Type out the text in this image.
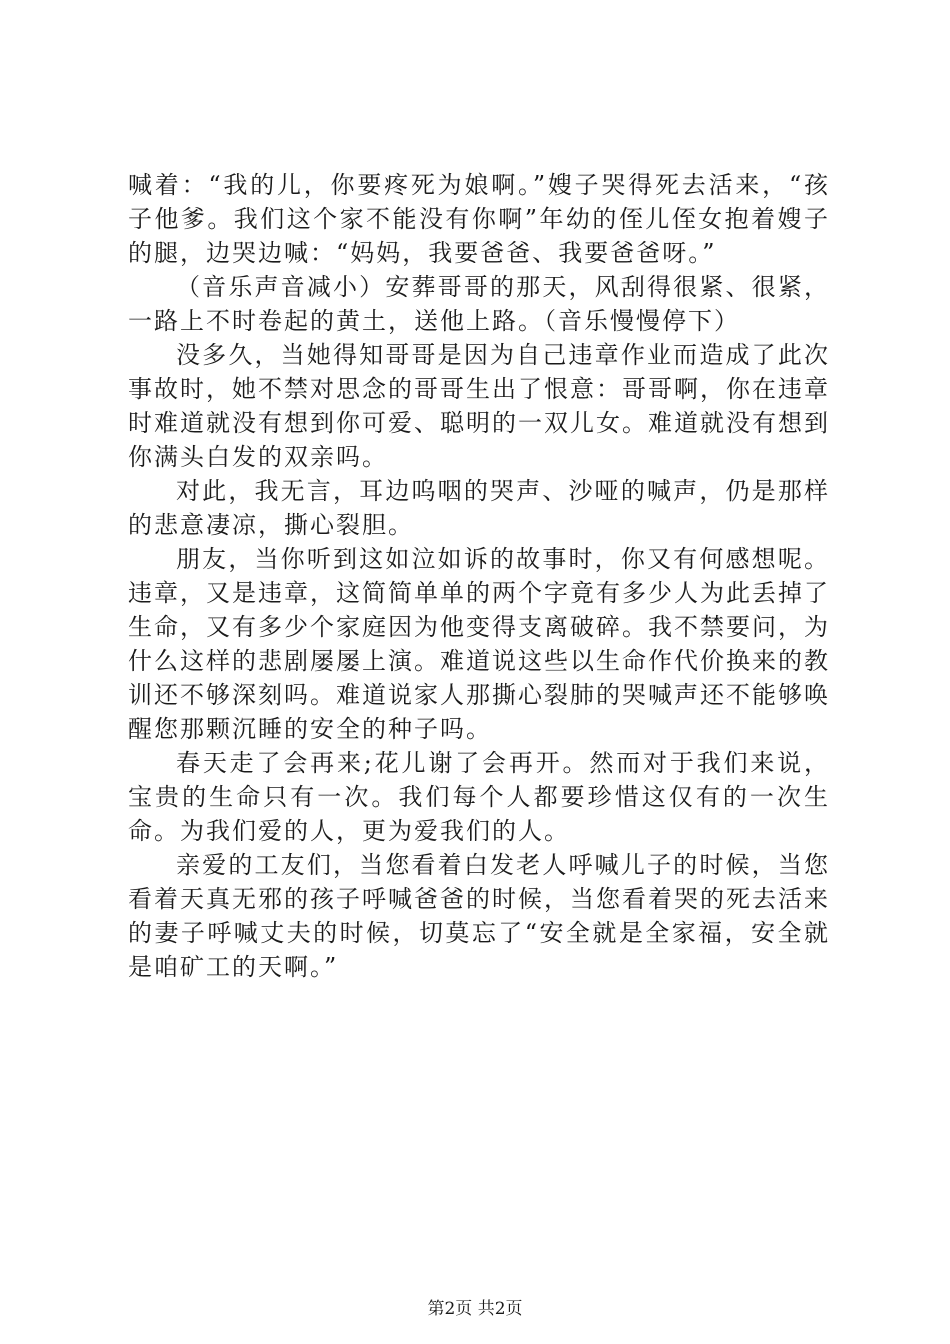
喊着：“我的儿，你要疼死为娘啊。”嫂子哭得死去活来，“孩子他爹。我们这个家不能没有你啊”年幼的侄儿侄女抱着嫂子的腿，边哭边喊：“妈妈，我要爸爸、我要爸爸呀。”

（音乐声音减小）安葬哥哥的那天，风刮得很紧、很紧，一路上不时卷起的黄土，送他上路。（音乐慢慢停下）

没多久，当她得知哥哥是因为自己违章作业而造成了此次事故时，她不禁对思念的哥哥生出了恨意：哥哥啊，你在违章时难道就没有想到你可爱、聪明的一双儿女。难道就没有想到你满头白发的双亲吗。

对此，我无言，耳边呜咽的哭声、沙哑的喊声，仍是那样的悲意凄凉，撕心裂胆。

朋友，当你听到这如泣如诉的故事时，你又有何感想呢。违章，又是违章，这简简单单的两个字竟有多少人为此丢掉了生命，又有多少个家庭因为他变得支离破碎。我不禁要问，为什么这样的悲剧屡屡上演。难道说这些以生命作代价换来的教训还不够深刻吗。难道说家人那撕心裂肺的哭喊声还不能够唤醒您那颗沉睡的安全的种子吗。

春天走了会再来;花儿谢了会再开。然而对于我们来说，宝贵的生命只有一次。我们每个人都要珍惜这仅有的一次生命。为我们爱的人，更为爱我们的人。

亲爱的工友们，当您看着白发老人呼喊儿子的时候，当您看着天真无邪的孩子呼喊爸爸的时候，当您看着哭的死去活来的妻子呼喊丈夫的时候，切莫忘了“安全就是全家福，安全就是咱矿工的天啊。”

第2页 共2页
